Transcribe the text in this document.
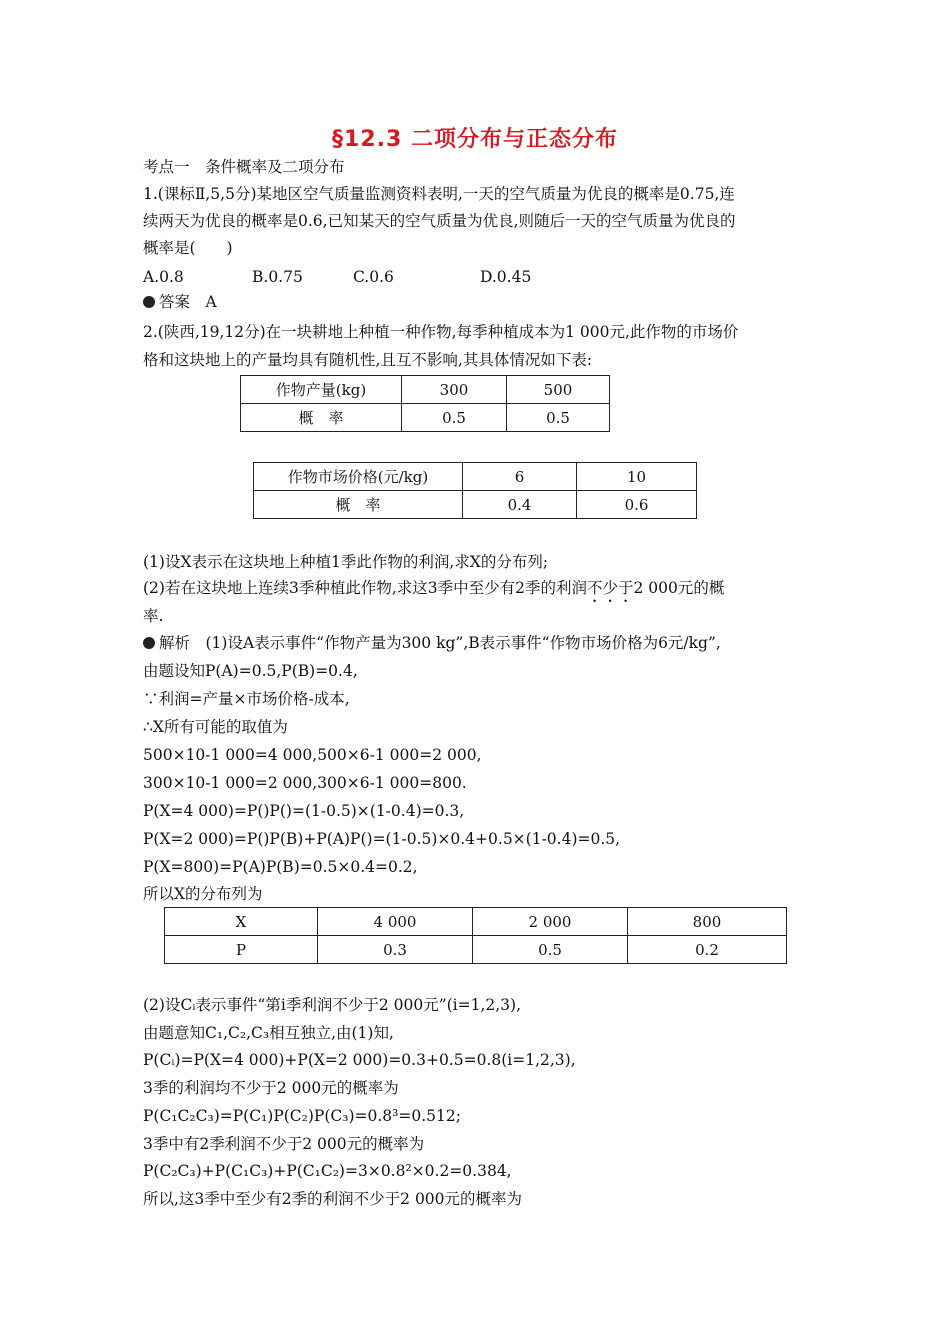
§12.3 二项分布与正态分布
考点一　条件概率及二项分布
1.(课标Ⅱ,5,5分)某地区空气质量监测资料表明,一天的空气质量为优良的概率是0.75,连
续两天为优良的概率是0.6,已知某天的空气质量为优良,则随后一天的空气质量为优良的
概率是(　　)
A.0.8	B.0.75	C.0.6	D.0.45
答案　A
2.(陕西,19,12分)在一块耕地上种植一种作物,每季种植成本为1 000元,此作物的市场价
格和这块地上的产量均具有随机性,且互不影响,其具体情况如下表:
作物产量(kg)	300	500
概　率	0.5	0.5
作物市场价格(元/kg)	6	10
概　率	0.4	0.6
(1)设X表示在这块地上种植1季此作物的利润,求X的分布列;
(2)若在这块地上连续3季种植此作物,求这3季中至少有2季的利润不少于2 000元的概
率.
解析　(1)设A表示事件“作物产量为300 kg”,B表示事件“作物市场价格为6元/kg”,
由题设知P(A)=0.5,P(B)=0.4,
∵利润=产量×市场价格-成本,
∴X所有可能的取值为
500×10-1 000=4 000,500×6-1 000=2 000,
300×10-1 000=2 000,300×6-1 000=800.
P(X=4 000)=P()P()=(1-0.5)×(1-0.4)=0.3,
P(X=2 000)=P()P(B)+P(A)P()=(1-0.5)×0.4+0.5×(1-0.4)=0.5,
P(X=800)=P(A)P(B)=0.5×0.4=0.2,
所以X的分布列为
X	4 000	2 000	800
P	0.3	0.5	0.2
(2)设Cᵢ表示事件“第i季利润不少于2 000元”(i=1,2,3),
由题意知C₁,C₂,C₃相互独立,由(1)知,
P(Cᵢ)=P(X=4 000)+P(X=2 000)=0.3+0.5=0.8(i=1,2,3),
3季的利润均不少于2 000元的概率为
P(C₁C₂C₃)=P(C₁)P(C₂)P(C₃)=0.8³=0.512;
3季中有2季利润不少于2 000元的概率为
P(C₂C₃)+P(C₁C₃)+P(C₁C₂)=3×0.8²×0.2=0.384,
所以,这3季中至少有2季的利润不少于2 000元的概率为
